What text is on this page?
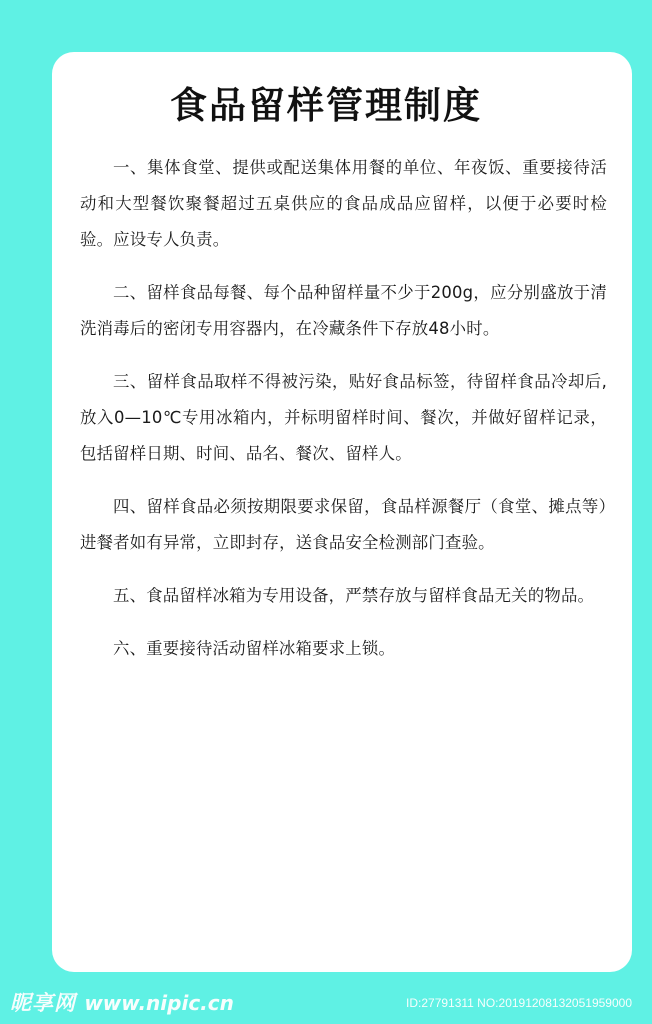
食品留样管理制度
一、集体食堂、提供或配送集体用餐的单位、年夜饭、重要接待活动和大型餐饮聚餐超过五桌供应的食品成品应留样，以便于必要时检验。应设专人负责。
二、留样食品每餐、每个品种留样量不少于200g，应分别盛放于清洗消毒后的密闭专用容器内，在冷藏条件下存放48小时。
三、留样食品取样不得被污染，贴好食品标签，待留样食品冷却后,放入0—10℃专用冰箱内，并标明留样时间、餐次，并做好留样记录，包括留样日期、时间、品名、餐次、留样人。
四、留样食品必须按期限要求保留，食品样源餐厅（食堂、摊点等）进餐者如有异常，立即封存，送食品安全检测部门查验。
五、食品留样冰箱为专用设备，严禁存放与留样食品无关的物品。
六、重要接待活动留样冰箱要求上锁。
昵享网 www.nipic.cn	ID:27791311 NO:20191208132051959000
